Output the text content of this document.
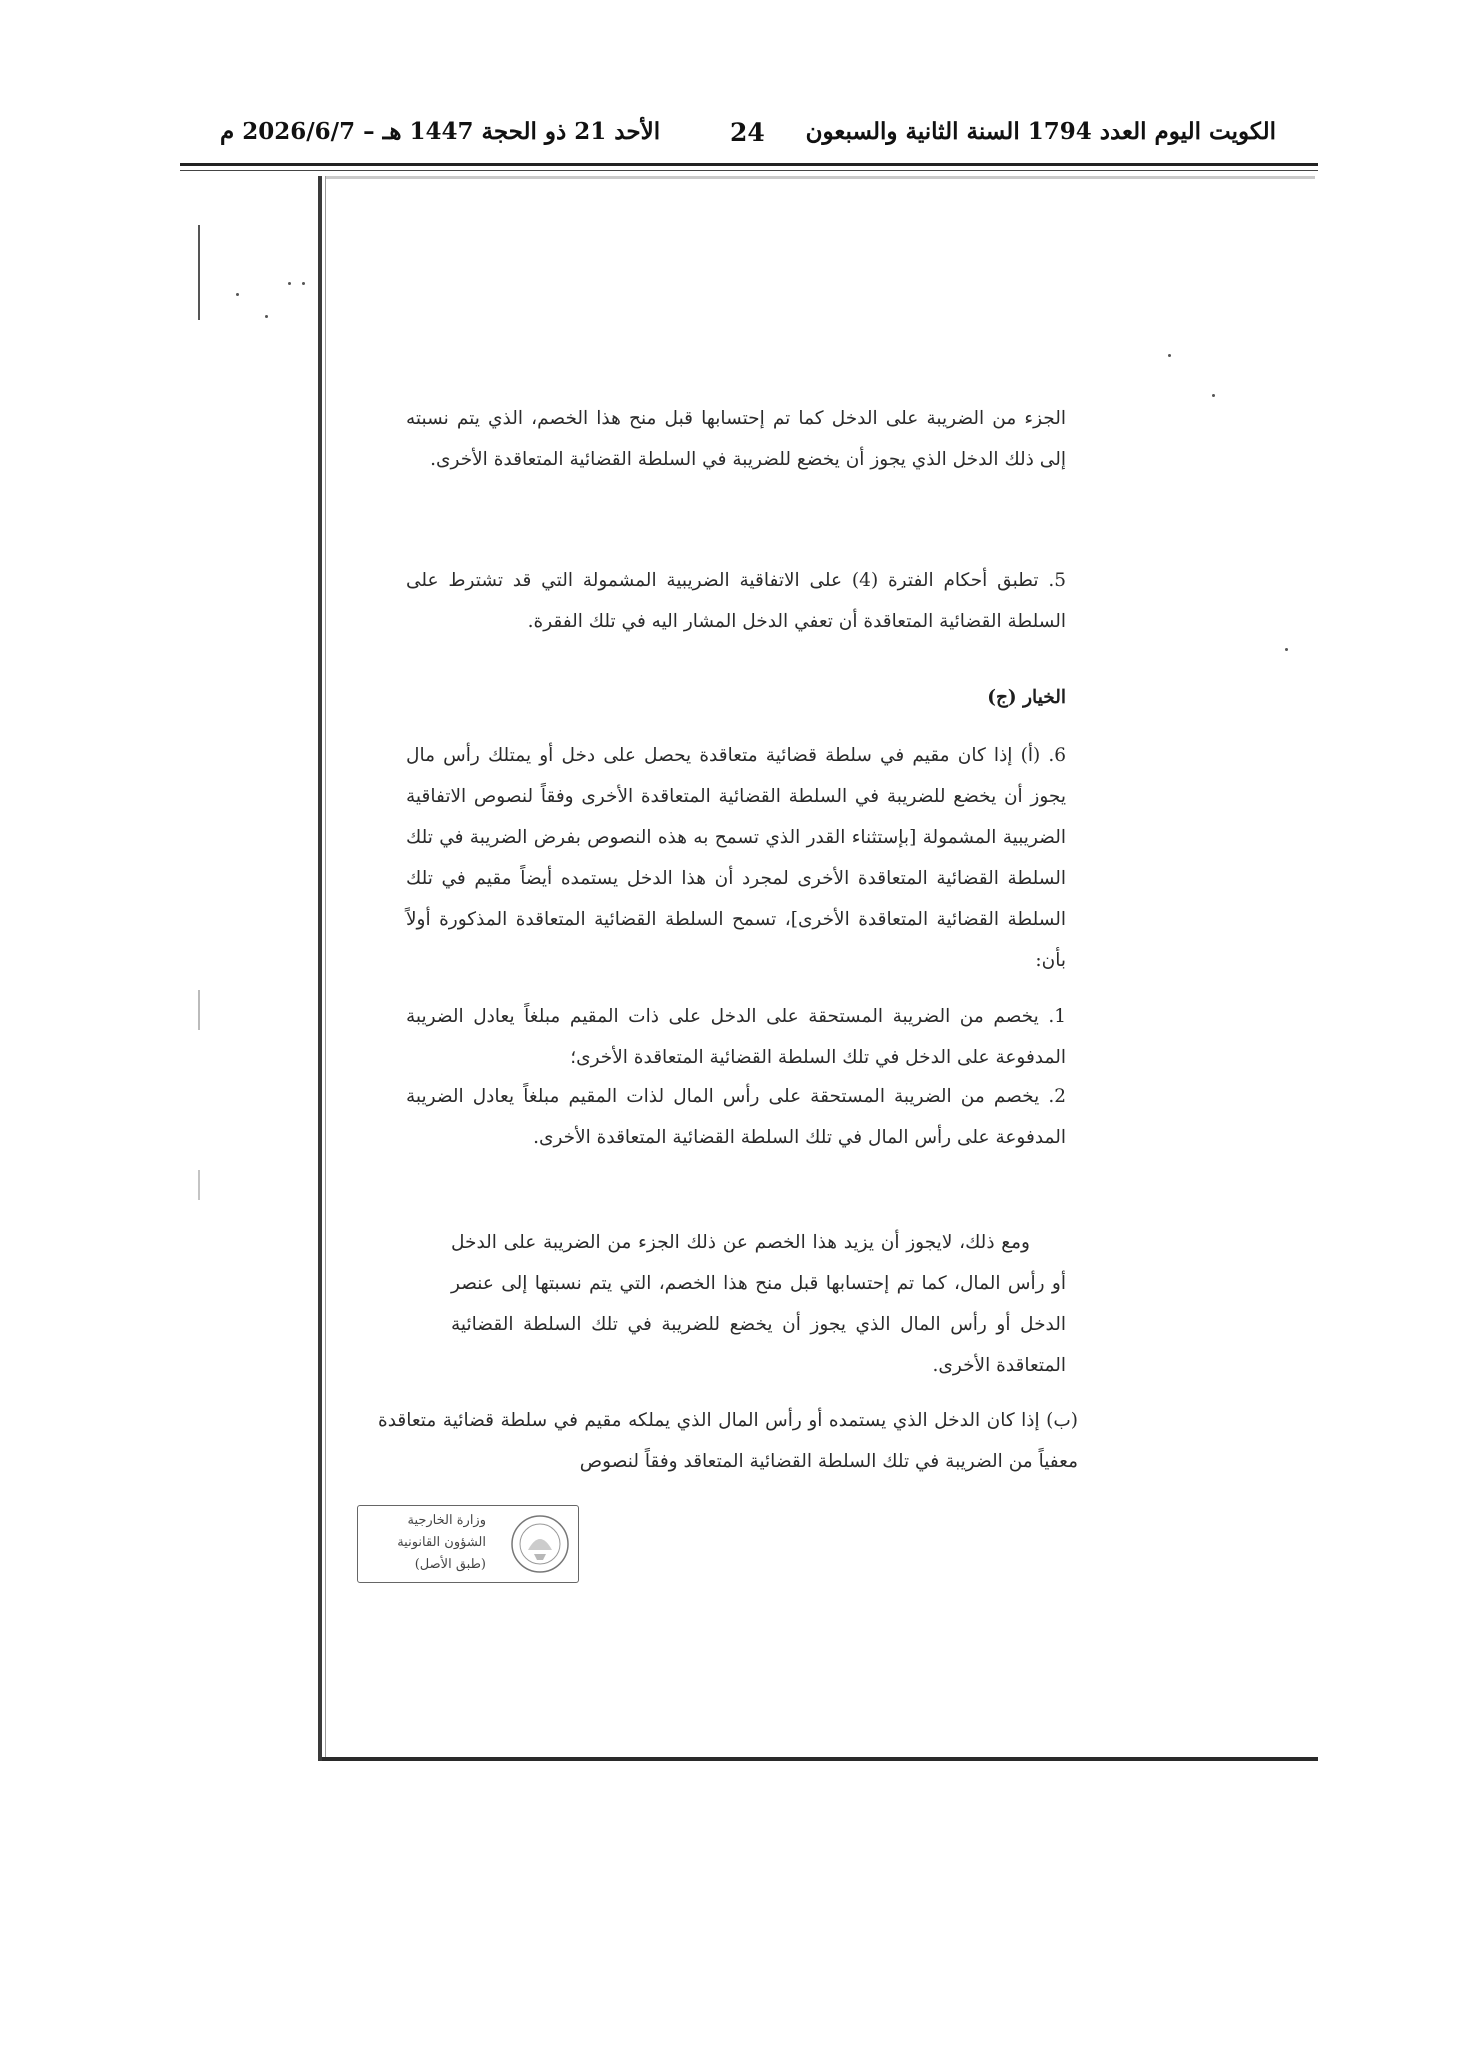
الكويت اليوم العدد 1794 السنة الثانية والسبعون
24
الأحد 21 ذو الحجة 1447 هـ – 2026/6/7 م
الجزء من الضريبة على الدخل كما تم إحتسابها قبل منح هذا الخصم، الذي يتم نسبته إلى ذلك الدخل الذي يجوز أن يخضع للضريبة في السلطة القضائية المتعاقدة الأخرى.
5. تطبق أحكام الفترة (4) على الاتفاقية الضريبية المشمولة التي قد تشترط على السلطة القضائية المتعاقدة أن تعفي الدخل المشار اليه في تلك الفقرة.
الخيار (ج)
6. (أ) إذا كان مقيم في سلطة قضائية متعاقدة يحصل على دخل أو يمتلك رأس مال يجوز أن يخضع للضريبة في السلطة القضائية المتعاقدة الأخرى وفقاً لنصوص الاتفاقية الضريبية المشمولة [بإستثناء القدر الذي تسمح به هذه النصوص بفرض الضريبة في تلك السلطة القضائية المتعاقدة الأخرى لمجرد أن هذا الدخل يستمده أيضاً مقيم في تلك السلطة القضائية المتعاقدة الأخرى]، تسمح السلطة القضائية المتعاقدة المذكورة أولاً بأن:
1. يخصم من الضريبة المستحقة على الدخل على ذات المقيم مبلغاً يعادل الضريبة المدفوعة على الدخل في تلك السلطة القضائية المتعاقدة الأخرى؛
2. يخصم من الضريبة المستحقة على رأس المال لذات المقيم مبلغاً يعادل الضريبة المدفوعة على رأس المال في تلك السلطة القضائية المتعاقدة الأخرى.
ومع ذلك، لايجوز أن يزيد هذا الخصم عن ذلك الجزء من الضريبة على الدخل أو رأس المال، كما تم إحتسابها قبل منح هذا الخصم، التي يتم نسبتها إلى عنصر الدخل أو رأس المال الذي يجوز أن يخضع للضريبة في تلك السلطة القضائية المتعاقدة الأخرى.
(ب) إذا كان الدخل الذي يستمده أو رأس المال الذي يملكه مقيم في سلطة قضائية متعاقدة معفياً من الضريبة في تلك السلطة القضائية المتعاقد وفقاً لنصوص
وزارة الخارجية
الشؤون القانونية
(طبق الأصل)
